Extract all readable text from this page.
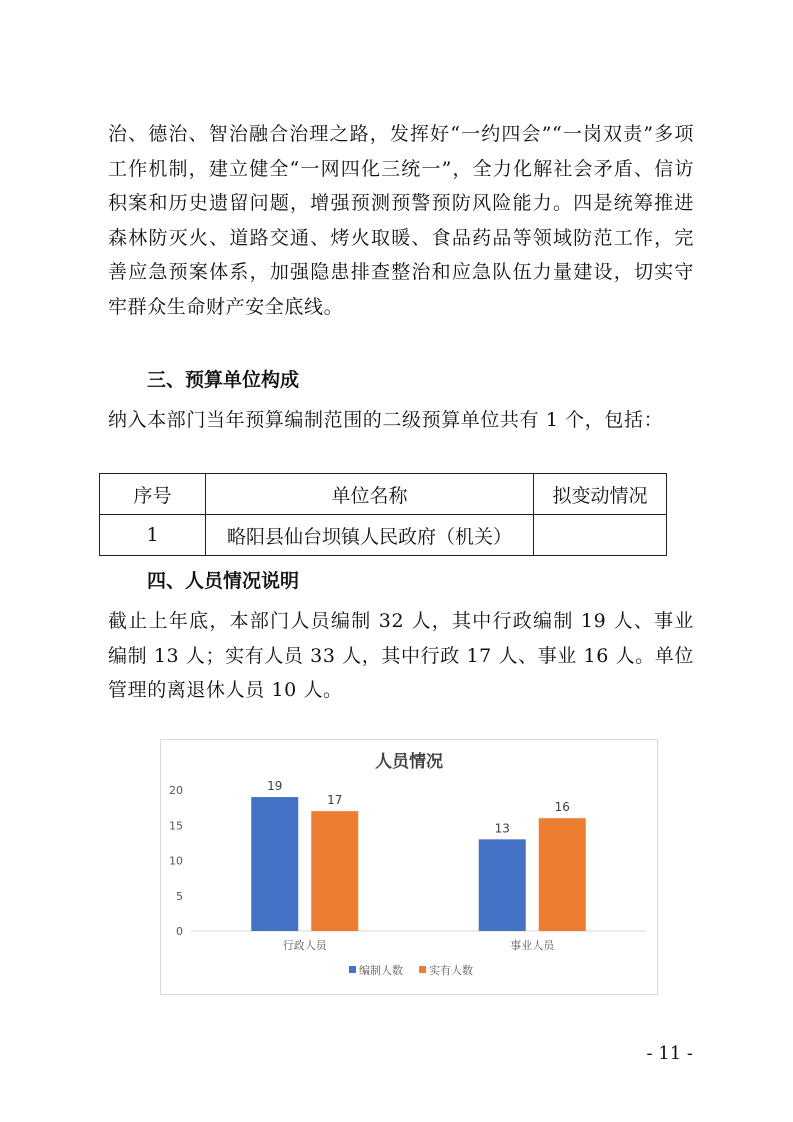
治、德治、智治融合治理之路，发挥好“一约四会”“一岗双责”多项工作机制，建立健全“一网四化三统一”，全力化解社会矛盾、信访积案和历史遗留问题，增强预测预警预防风险能力。四是统筹推进森林防灭火、道路交通、烤火取暖、食品药品等领域防范工作，完善应急预案体系，加强隐患排查整治和应急队伍力量建设，切实守牢群众生命财产安全底线。

三、预算单位构成

纳入本部门当年预算编制范围的二级预算单位共有 1 个，包括：

序号	单位名称	拟变动情况
1	略阳县仙台坝镇人民政府（机关）	
四、人员情况说明

截止上年底，本部门人员编制 32 人，其中行政编制 19 人、事业编制 13 人；实有人员 33 人，其中行政 17 人、事业 16 人。单位管理的离退休人员 10 人。

人员情况
0
5
10
15
20	19
17
行政人员
13
16
事业人员
编制人数 实有人数
- 11 -
